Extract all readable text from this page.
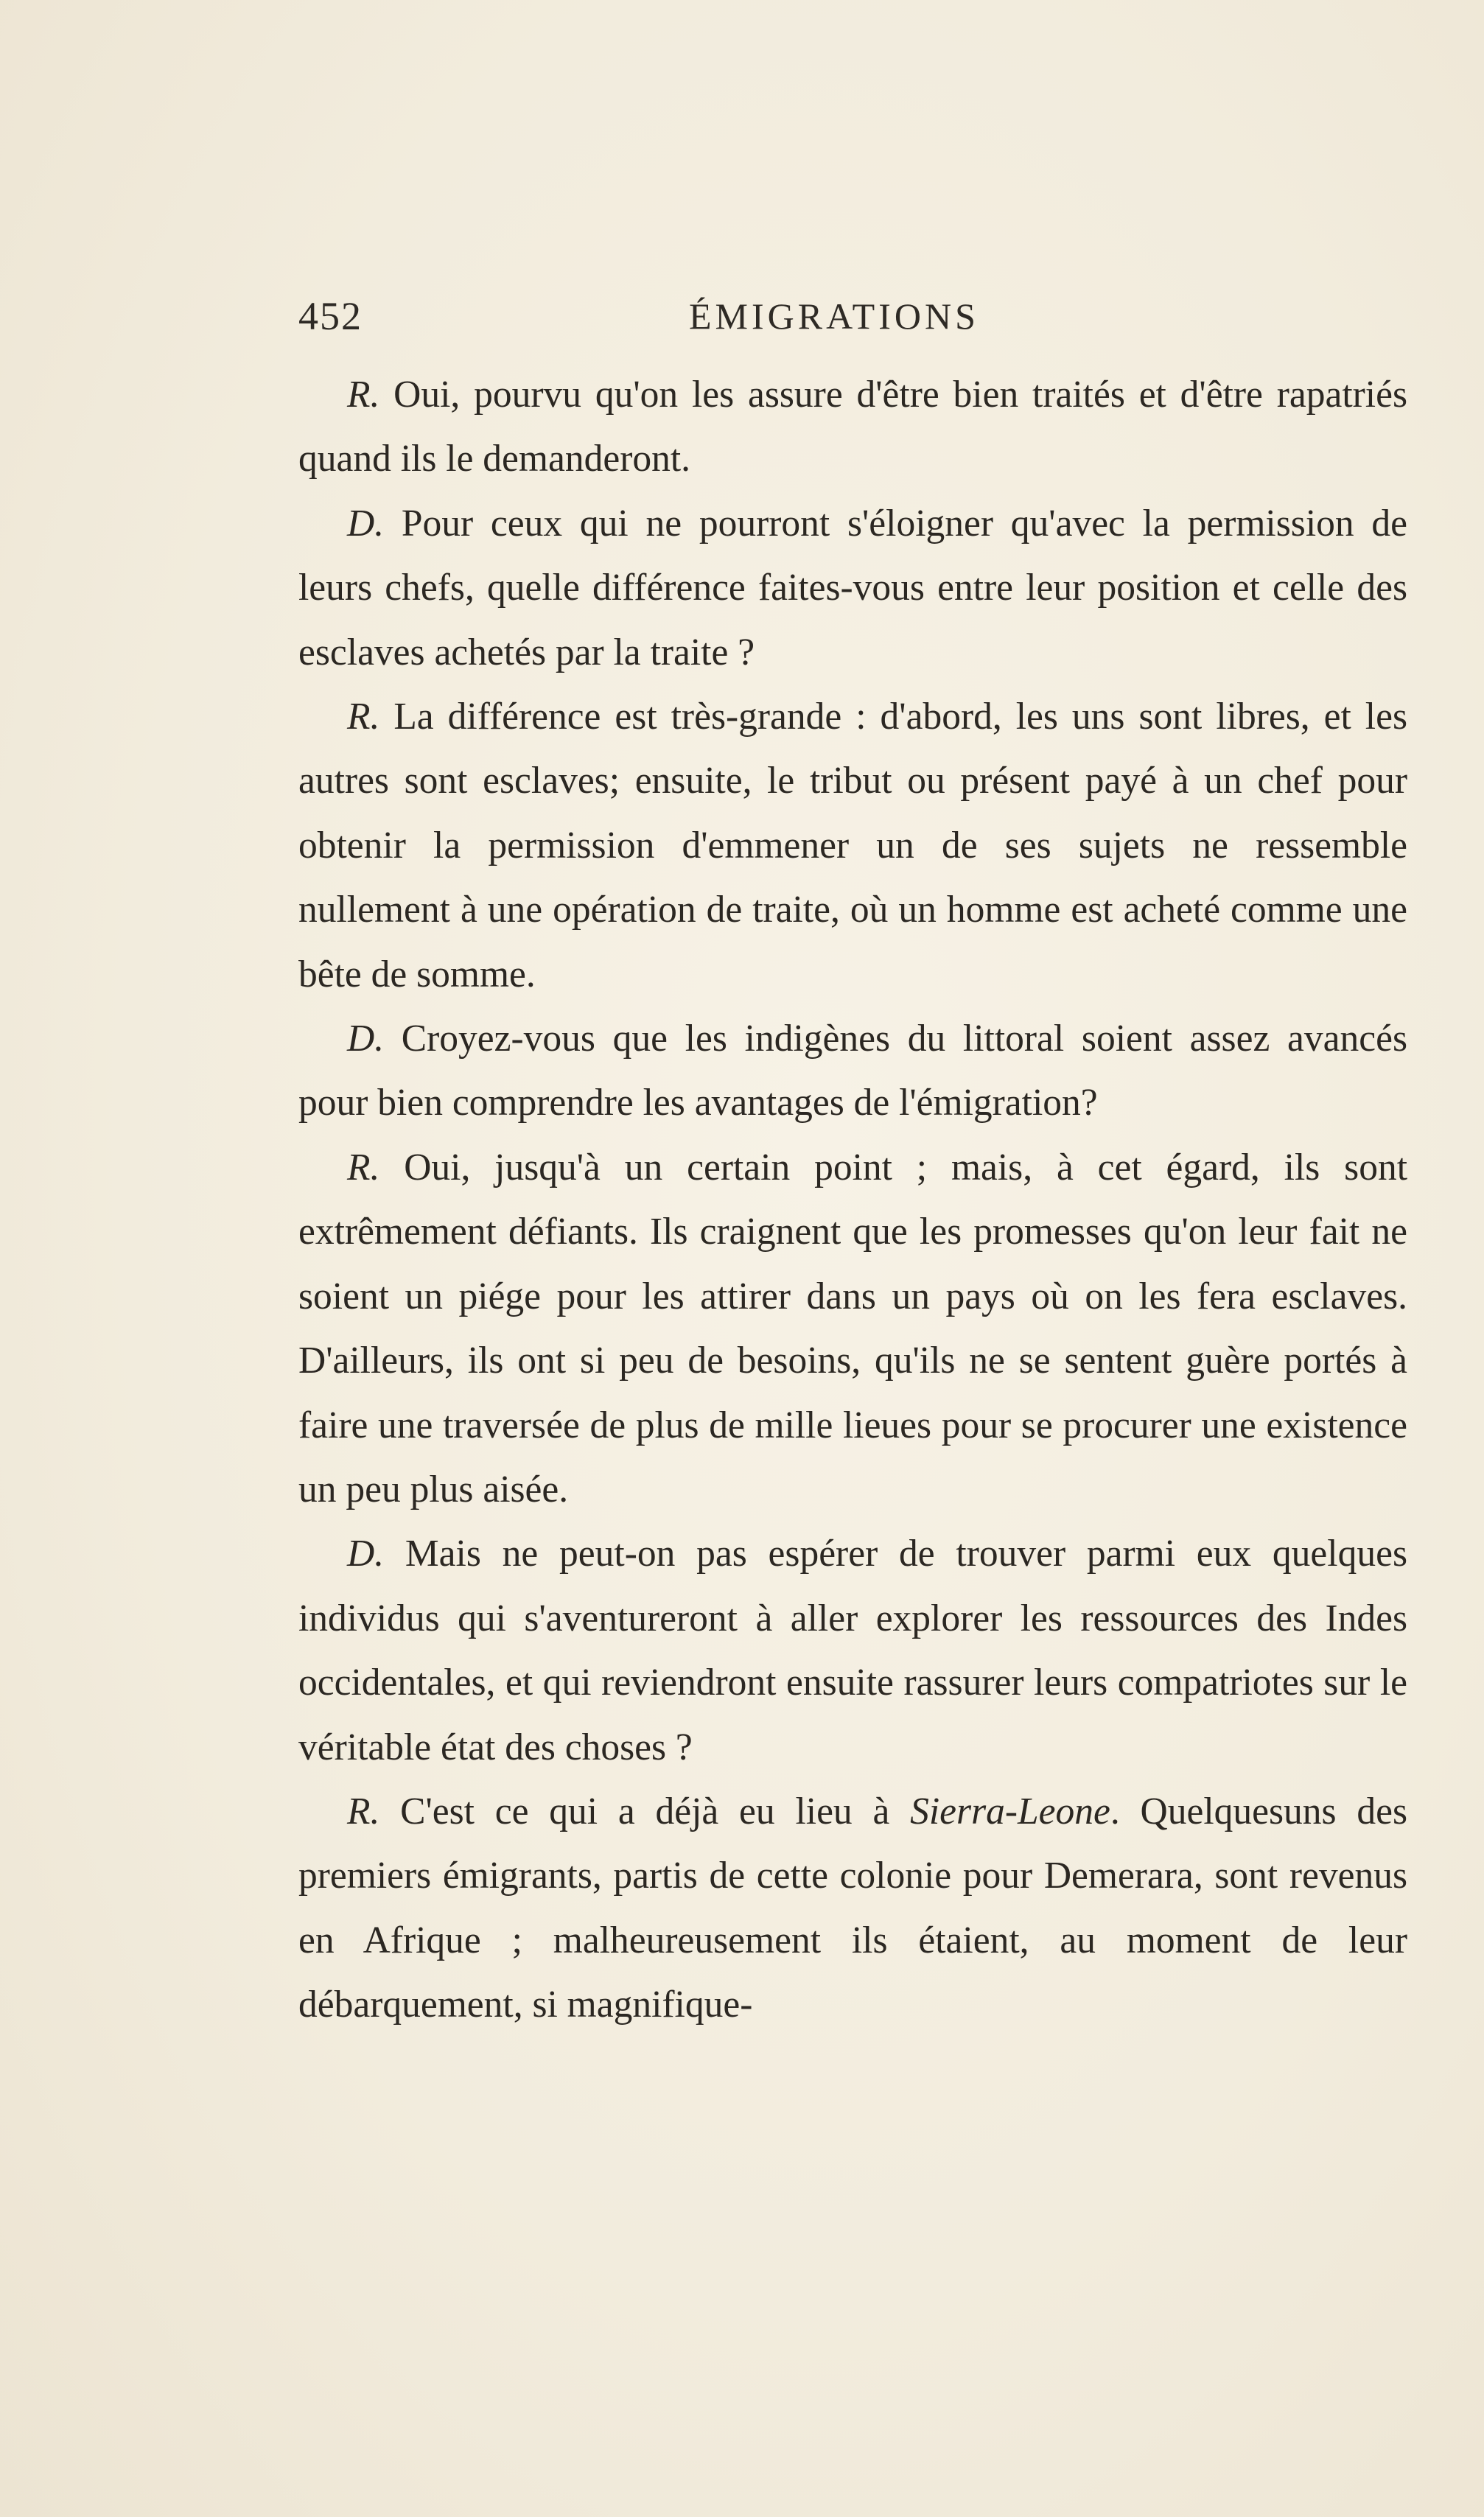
452	ÉMIGRATIONS

R. Oui, pourvu qu'on les assure d'être bien traités et d'être rapatriés quand ils le demanderont.

D. Pour ceux qui ne pourront s'éloigner qu'avec la permission de leurs chefs, quelle différence faites-vous entre leur position et celle des esclaves achetés par la traite ?

R. La différence est très-grande : d'abord, les uns sont libres, et les autres sont esclaves; ensuite, le tribut ou présent payé à un chef pour obtenir la permission d'emmener un de ses sujets ne ressemble nullement à une opération de traite, où un homme est acheté comme une bête de somme.

D. Croyez-vous que les indigènes du littoral soient assez avancés pour bien comprendre les avantages de l'émigration?

R. Oui, jusqu'à un certain point ; mais, à cet égard, ils sont extrêmement défiants. Ils craignent que les promesses qu'on leur fait ne soient un piége pour les attirer dans un pays où on les fera esclaves. D'ailleurs, ils ont si peu de besoins, qu'ils ne se sentent guère portés à faire une traversée de plus de mille lieues pour se procurer une existence un peu plus aisée.

D. Mais ne peut-on pas espérer de trouver parmi eux quelques individus qui s'aventureront à aller explorer les ressources des Indes occidentales, et qui reviendront ensuite rassurer leurs compatriotes sur le véritable état des choses ?

R. C'est ce qui a déjà eu lieu à Sierra-Leone. Quelquesuns des premiers émigrants, partis de cette colonie pour Demerara, sont revenus en Afrique ; malheureusement ils étaient, au moment de leur débarquement, si magnifique-
